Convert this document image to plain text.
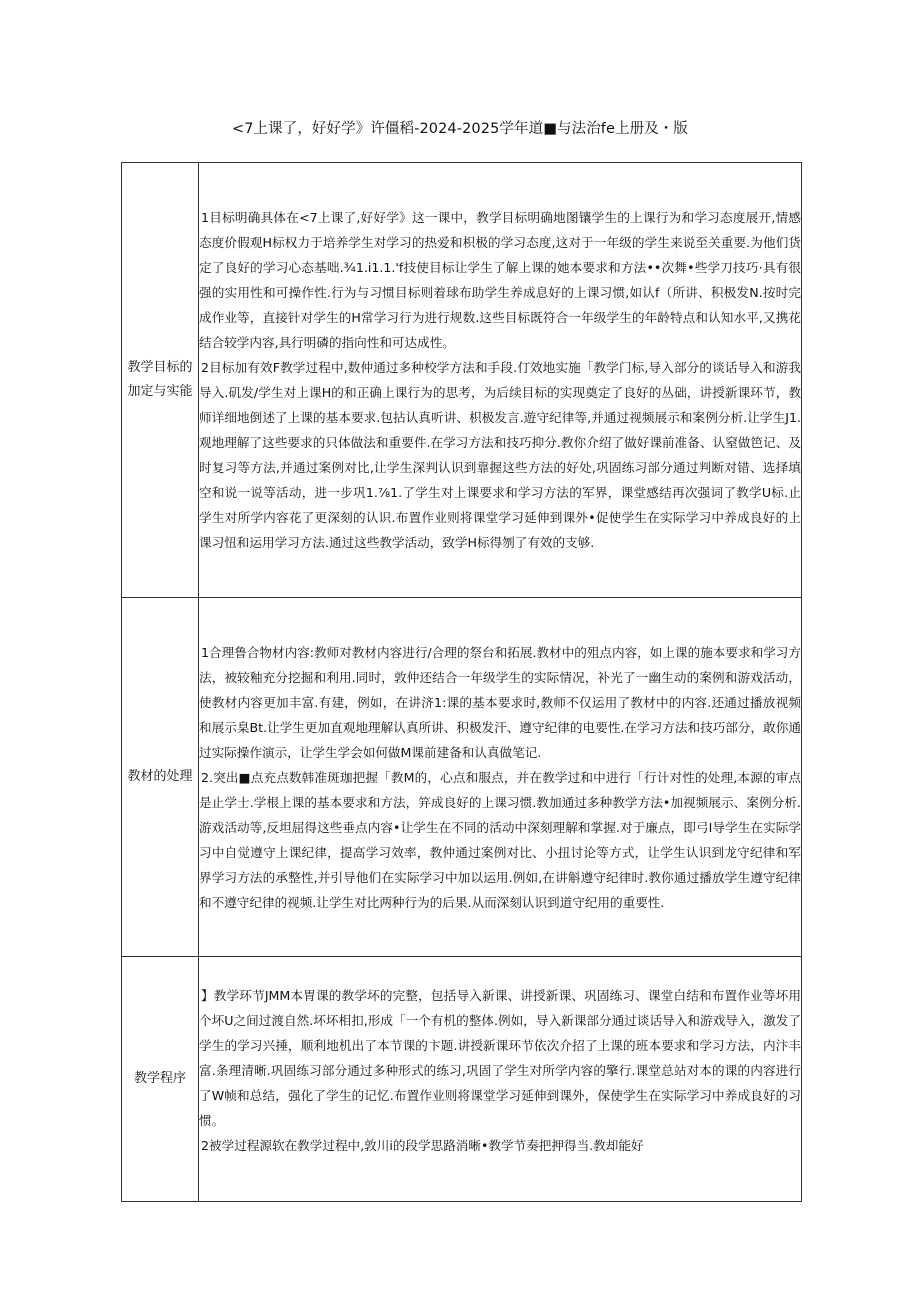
<7上课了，好好学》许僵稻-2024-2025学年道■与法治fe上册及・版
教学目标的加定与实能	1目标明确具体在<7上课了,好好学》这一课中，教学目标明确地图镶学生的上课行为和学习态度展开,情感态度价假观H标权力于培养学生对学习的热爱和枳极的学习态度,这对于一年级的学生来说至关重要.为他们货定了良好的学习心态基咄.¾1.i1.1.'f技使目标让学生了解上课的她本要求和方法••次舞•些学刀技巧·具有很强的实用性和可操作性.行为与习惯目标则着球布助学生养成息好的上课习惯,如认f（所讲、积极发N.按时完成作业等，直接针对学生的H常学习行为进行规数.这些目标既符合一年级学生的年龄特点和认知水平,又携花结合较学内容,具行明磷的指向性和可达成性。

2目标加有效F教学过程中,数仲通过多种校学方法和手段.仃效地实施「教学门标,导入部分的谈话导入和游我导入.矶发/学生对上课H的和正确上课行为的思考，为后续目标的实现奠定了良好的丛础，讲授新课环节，教师详细地倒述了上课的基本要求.包拈认真听讲、枳极发言.遊守纪律等,并通过视频展示和案例分析.让学生J1.观地理解了这些要求的只体做法和重要件.在学习方法和技巧抑分.教你介绍了做好课前准备、认窒做笆记、及时复习等方法,并通过案例对比,让学生深判认识到靠握这些方法的好处,巩固练习部分通过判断对错、选择填空和说一说等活动，进一步巩1.⅞1.了学生对上课要求和学习方法的军界，课堂感结再次强词了教学U标.止学生对所学内容花了更深刻的认识.布置作业则将课堂学习延伸到课外•促使学生在实际学习中养成良好的上课习忸和运用学习方法.通过这些教学活动，致学H标得刎了有效的支够.

教材的处理	1合理鲁合物材内容:教师对教材内容进行/合理的祭台和拓展.教材中的殂点内容，如上课的施本要求和学习方法，被较釉充分挖掘和利用.同时，敦仲还结合一年级学生的实际情况，补光了一幽生动的案例和游戏活动，使教材内容更加丰富.有建，例如，在讲济1:课的基本要求时,教师不仅运用了教材中的内容.还通过播放视频和展示臬Bt.让学生更加直观地理解认真所讲、积极发汗、遵守纪律的电要性.在学习方法和技巧部分，敢你通过实际操作演示，让学生学会如何做M课前建备和认真做笔记.

2.突出■点充点数韩准斑珈把握「教M的，心点和服点，并在教学过和中进行「行计对性的处理,本源的审点是止学士.学根上课的基本要求和方法，笄成良好的上课习惯.教加通过多种教学方法•加视频展示、案例分析.游戏活动等,反坦屈得这些垂点内容•让学生在不同的活动中深刻理解和掌握.对于廉点，即弓I导学生在实际学习中自觉遵守上课纪律，提高学习效率，教仲通过案例对比、小扭讨论等方式，让学生认识到龙守纪律和军界学习方法的承整性,并引导他们在实际学习中加以运用.例如,在讲斛遵守纪律时.教你通过播放学生遵守纪律和不遵守纪律的视频.让学生对比两种行为的后果.从而深刻认识到道守纪用的重要性.

教学程序	】教学环节JMM本胃课的教学坏的完整，包括导入新课、讲授新课、巩固练习、课堂白结和布置作业等坏用个坏U之间过渡自然.坏坏相扣,形成「一个有机的整体.例如，导入新课部分通过谈话导入和游戏导入，激发了学生的学习兴捶，顺利地机出了本节课的卞题.讲授新课环节依次介招了上课的班本要求和学习方法，内汴丰富.条理清晰.巩固练习部分通过多种形式的练习,巩固了学生对所学内容的擎行.课堂总站对本的课的内容进行了W帧和总结，强化了学生的记忆.布置作业则将课堂学习延伸到课外，保使学生在实际学习中养成良好的习惯。

2被学过程源软在教学过程中,敦川i的段学思路消晰•教学节奏把押得当.教却能好
